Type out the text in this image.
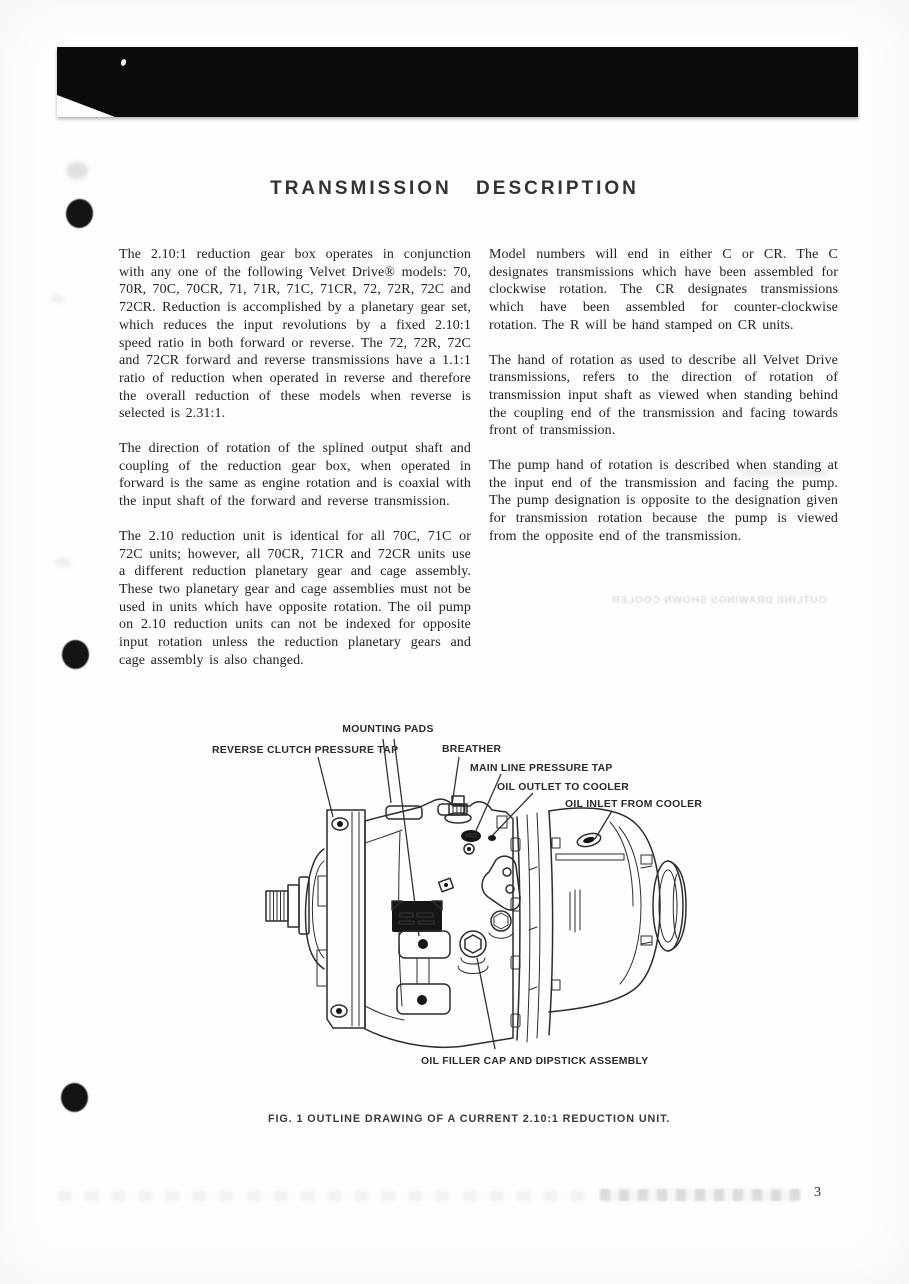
TRANSMISSION DESCRIPTION

The 2.10:1 reduction gear box operates in conjunction with any one of the following Velvet Drive® models: 70, 70R, 70C, 70CR, 71, 71R, 71C, 71CR, 72, 72R, 72C and 72CR. Reduction is accomplished by a planetary gear set, which reduces the input revolutions by a fixed 2.10:1 speed ratio in both forward or reverse. The 72, 72R, 72C and 72CR forward and reverse transmissions have a 1.1:1 ratio of reduction when operated in reverse and therefore the overall reduction of these models when reverse is selected is 2.31:1.

The direction of rotation of the splined output shaft and coupling of the reduction gear box, when operated in forward is the same as engine rotation and is coaxial with the input shaft of the forward and reverse transmission.

The 2.10 reduction unit is identical for all 70C, 71C or 72C units; however, all 70CR, 71CR and 72CR units use a different reduction planetary gear and cage assembly. These two planetary gear and cage assemblies must not be used in units which have opposite rotation. The oil pump on 2.10 reduction units can not be indexed for opposite input rotation unless the reduction planetary gears and cage assembly is also changed.

Model numbers will end in either C or CR. The C designates transmissions which have been assembled for clockwise rotation. The CR designates transmissions which have been assembled for counter-clockwise rotation. The R will be hand stamped on CR units.

The hand of rotation as used to describe all Velvet Drive transmissions, refers to the direction of rotation of transmission input shaft as viewed when standing behind the coupling end of the transmission and facing towards front of transmission.

The pump hand of rotation is described when standing at the input end of the transmission and facing the pump. The pump designation is opposite to the designation given for transmission rotation because the pump is viewed from the opposite end of the transmission.

OUTLINE DRAWINGS SHOWN COOLER
MOUNTING PADS
REVERSE CLUTCH PRESSURE TAP	BREATHER
MAIN LINE PRESSURE TAP
OIL OUTLET TO COOLER
OIL INLET FROM COOLER
OIL FILLER CAP AND DIPSTICK ASSEMBLY
FIG. 1 OUTLINE DRAWING OF A CURRENT 2.10:1 REDUCTION UNIT.
3
